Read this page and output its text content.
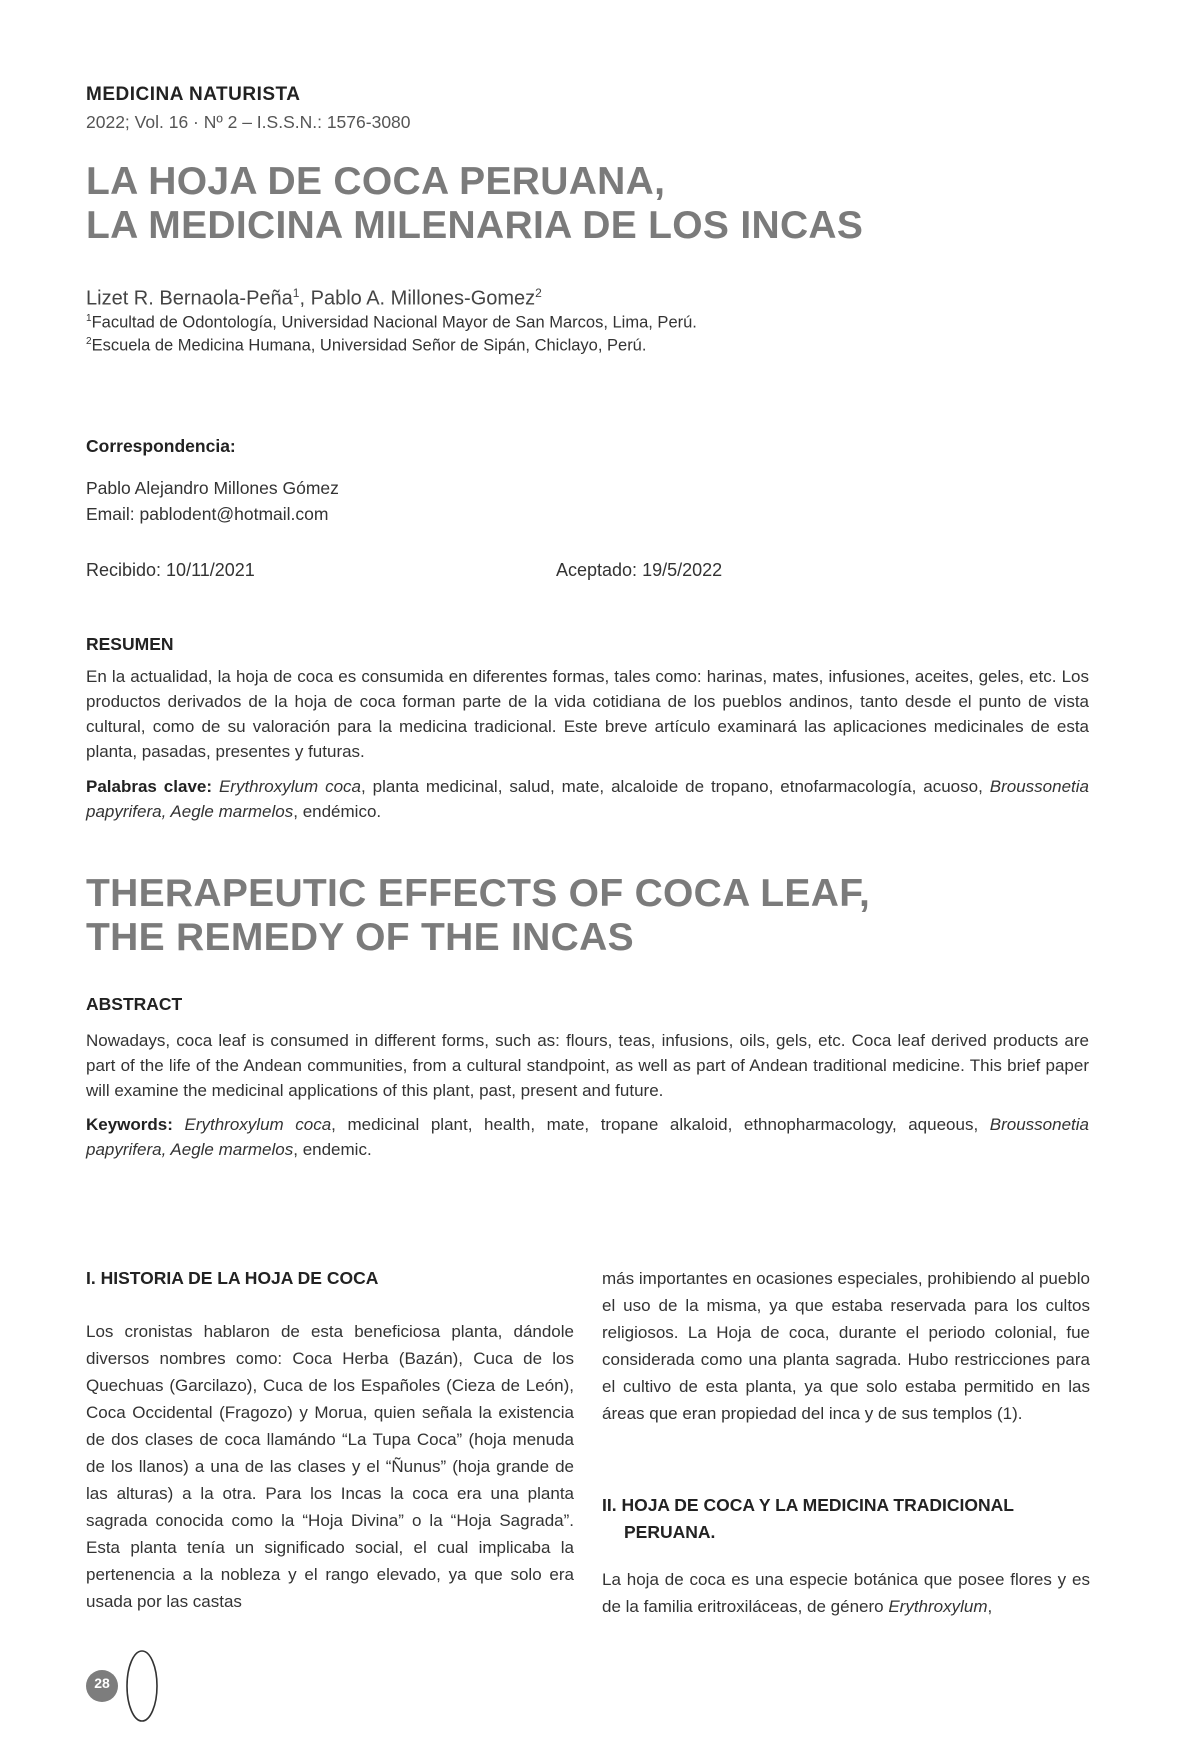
MEDICINA NATURISTA
2022; Vol. 16 · Nº 2 – I.S.S.N.: 1576-3080
LA HOJA DE COCA PERUANA,
LA MEDICINA MILENARIA DE LOS INCAS
Lizet R. Bernaola-Peña$^1$, Pablo A. Millones-Gomez$^2$
$^1$Facultad de Odontología, Universidad Nacional Mayor de San Marcos, Lima, Perú.
$^2$Escuela de Medicina Humana, Universidad Señor de Sipán, Chiclayo, Perú.
Correspondencia:
Pablo Alejandro Millones Gómez
Email: pablodent@hotmail.com
Recibido: 10/11/2021	Aceptado: 19/5/2022
RESUMEN
En la actualidad, la hoja de coca es consumida en diferentes formas, tales como: harinas, mates, infusiones, aceites, geles, etc. Los productos derivados de la hoja de coca forman parte de la vida cotidiana de los pueblos andinos, tanto desde el punto de vista cultural, como de su valoración para la medicina tradicional. Este breve artículo examinará las aplicaciones medicinales de esta planta, pasadas, presentes y futuras.
Palabras clave: Erythroxylum coca, planta medicinal, salud, mate, alcaloide de tropano, etnofarmacología, acuoso, Broussonetia papyrifera, Aegle marmelos, endémico.
THERAPEUTIC EFFECTS OF COCA LEAF,
THE REMEDY OF THE INCAS
ABSTRACT
Nowadays, coca leaf is consumed in different forms, such as: flours, teas, infusions, oils, gels, etc. Coca leaf derived products are part of the life of the Andean communities, from a cultural standpoint, as well as part of Andean traditional medicine. This brief paper will examine the medicinal applications of this plant, past, present and future.
Keywords: Erythroxylum coca, medicinal plant, health, mate, tropane alkaloid, ethnopharmacology, aqueous, Broussonetia papyrifera, Aegle marmelos, endemic.
I. HISTORIA DE LA HOJA DE COCA
Los cronistas hablaron de esta beneficiosa planta, dándole diversos nombres como: Coca Herba (Bazán), Cuca de los Quechuas (Garcilazo), Cuca de los Españoles (Cieza de León), Coca Occidental (Fragozo) y Morua, quien señala la existencia de dos clases de coca llamándo “La Tupa Coca” (hoja menuda de los llanos) a una de las clases y el “Ñunus” (hoja grande de las alturas) a la otra. Para los Incas la coca era una planta sagrada conocida como la “Hoja Divina” o la “Hoja Sagrada”. Esta planta tenía un significado social, el cual implicaba la pertenencia a la nobleza y el rango elevado, ya que solo era usada por las castas
más importantes en ocasiones especiales, prohibiendo al pueblo el uso de la misma, ya que estaba reservada para los cultos religiosos. La Hoja de coca, durante el periodo colonial, fue considerada como una planta sagrada. Hubo restricciones para el cultivo de esta planta, ya que solo estaba permitido en las áreas que eran propiedad del inca y de sus templos (1).
II. HOJA DE COCA Y LA MEDICINA TRADICIONAL
PERUANA.
La hoja de coca es una especie botánica que posee flores y es de la familia eritroxiláceas, de género Erythroxylum,
28
